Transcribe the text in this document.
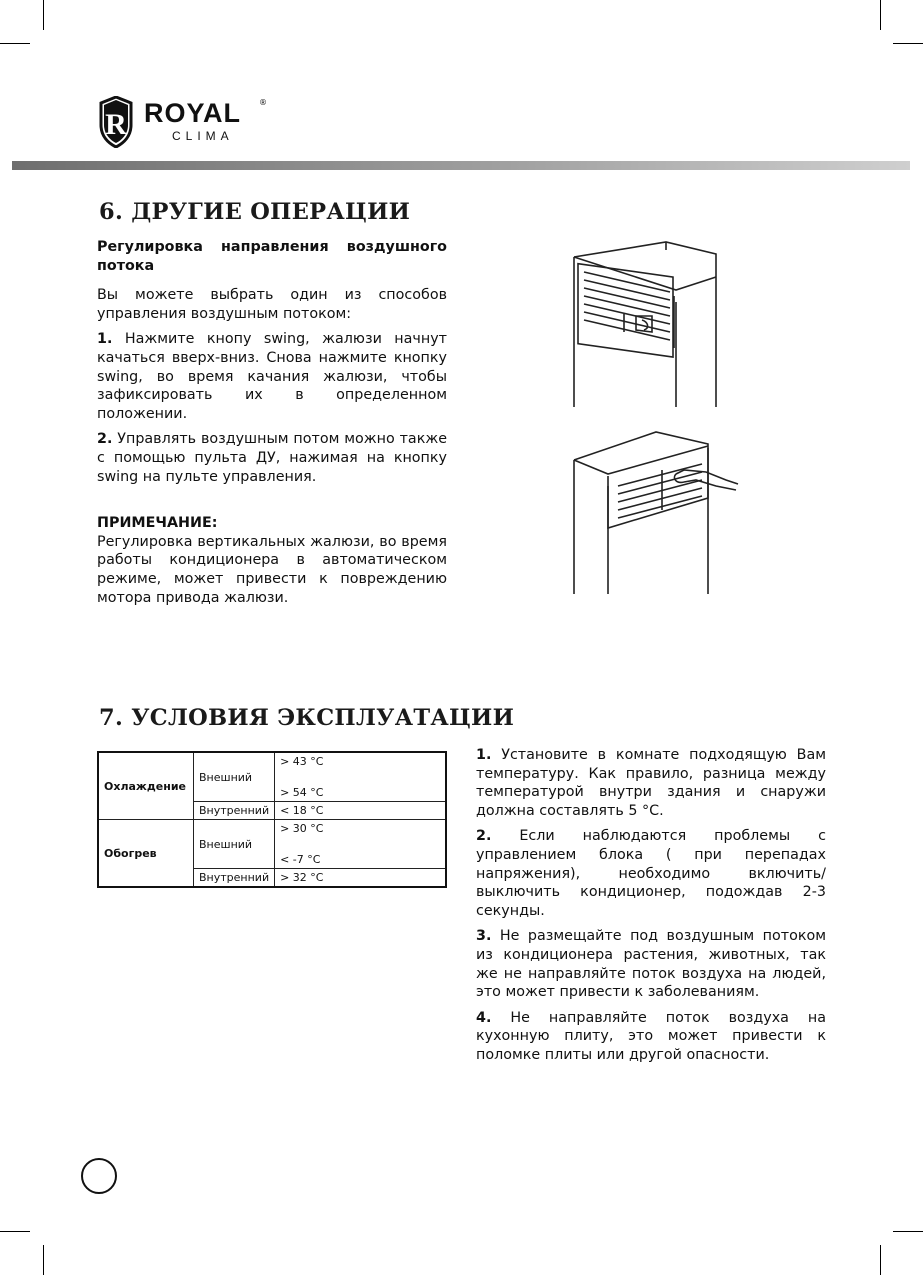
R ROYAL ®
CLIMA
6. ДРУГИЕ ОПЕРАЦИИ

Регулировка направления воздушного потока

Вы можете выбрать один из способов управления воздушным потоком:

1. Нажмите кнопу swing, жалюзи начнут качаться вверх-вниз. Снова нажмите кнопку swing, во время качания жалюзи, чтобы зафиксировать их в определенном положении.

2. Управлять воздушным потом можно также с помощью пульта ДУ, нажимая на кнопку swing на пульте управления.

ПРИМЕЧАНИЕ:

Регулировка вертикальных жалюзи, во время работы кондиционера в автоматическом режиме, может привести к повреждению мотора привода жалюзи.

7. УСЛОВИЯ ЭКСПЛУАТАЦИИ
Охлаждение	Внешний	> 43 °C
> 54 °C

	Внутренний	< 18 °C
Обогрев	Внешний	> 30 °C
< -7 °C

	Внутренний	> 32 °C

1. Установите в комнате подходящую Вам температуру. Как правило, разница между температурой внутри здания и снаружи должна составлять 5 °С.

2. Если наблюдаются проблемы с управлением блока ( при перепадах напряжения), необходимо включить/выключить кондиционер, подождав 2-3 секунды.

3. Не размещайте под воздушным потоком из кондиционера растения, животных, так же не направляйте поток воздуха на людей, это может привести к заболеваниям.

4. Не направляйте поток воздуха на кухонную плиту, это может привести к поломке плиты или другой опасности.
